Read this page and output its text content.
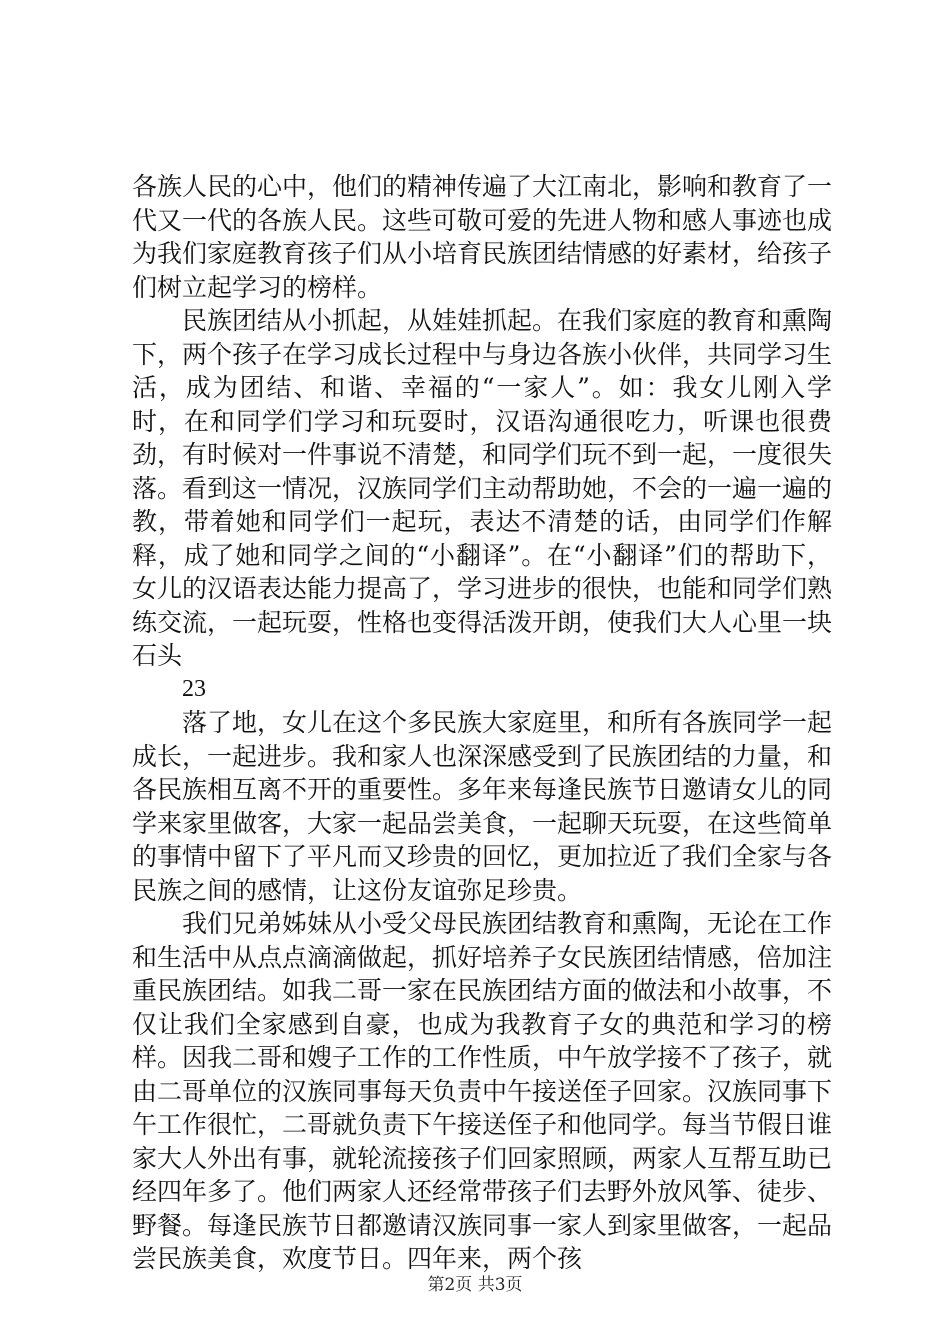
各族人民的心中，他们的精神传遍了大江南北，影响和教育了一代又一代的各族人民。这些可敬可爱的先进人物和感人事迹也成为我们家庭教育孩子们从小培育民族团结情感的好素材，给孩子们树立起学习的榜样。

民族团结从小抓起，从娃娃抓起。在我们家庭的教育和熏陶下，两个孩子在学习成长过程中与身边各族小伙伴，共同学习生活，成为团结、和谐、幸福的“一家人”。如：我女儿刚入学时，在和同学们学习和玩耍时，汉语沟通很吃力，听课也很费劲，有时候对一件事说不清楚，和同学们玩不到一起，一度很失落。看到这一情况，汉族同学们主动帮助她，不会的一遍一遍的教，带着她和同学们一起玩，表达不清楚的话，由同学们作解释，成了她和同学之间的“小翻译”。在“小翻译”们的帮助下，女儿的汉语表达能力提高了，学习进步的很快，也能和同学们熟练交流，一起玩耍，性格也变得活泼开朗，使我们大人心里一块石头

23

落了地，女儿在这个多民族大家庭里，和所有各族同学一起成长，一起进步。我和家人也深深感受到了民族团结的力量，和各民族相互离不开的重要性。多年来每逢民族节日邀请女儿的同学来家里做客，大家一起品尝美食，一起聊天玩耍，在这些简单的事情中留下了平凡而又珍贵的回忆，更加拉近了我们全家与各民族之间的感情，让这份友谊弥足珍贵。

我们兄弟姊妹从小受父母民族团结教育和熏陶，无论在工作和生活中从点点滴滴做起，抓好培养子女民族团结情感，倍加注重民族团结。如我二哥一家在民族团结方面的做法和小故事，不仅让我们全家感到自豪，也成为我教育子女的典范和学习的榜样。因我二哥和嫂子工作的工作性质，中午放学接不了孩子，就由二哥单位的汉族同事每天负责中午接送侄子回家。汉族同事下午工作很忙，二哥就负责下午接送侄子和他同学。每当节假日谁家大人外出有事，就轮流接孩子们回家照顾，两家人互帮互助已经四年多了。他们两家人还经常带孩子们去野外放风筝、徒步、野餐。每逢民族节日都邀请汉族同事一家人到家里做客，一起品尝民族美食，欢度节日。四年来，两个孩

第2页 共3页
